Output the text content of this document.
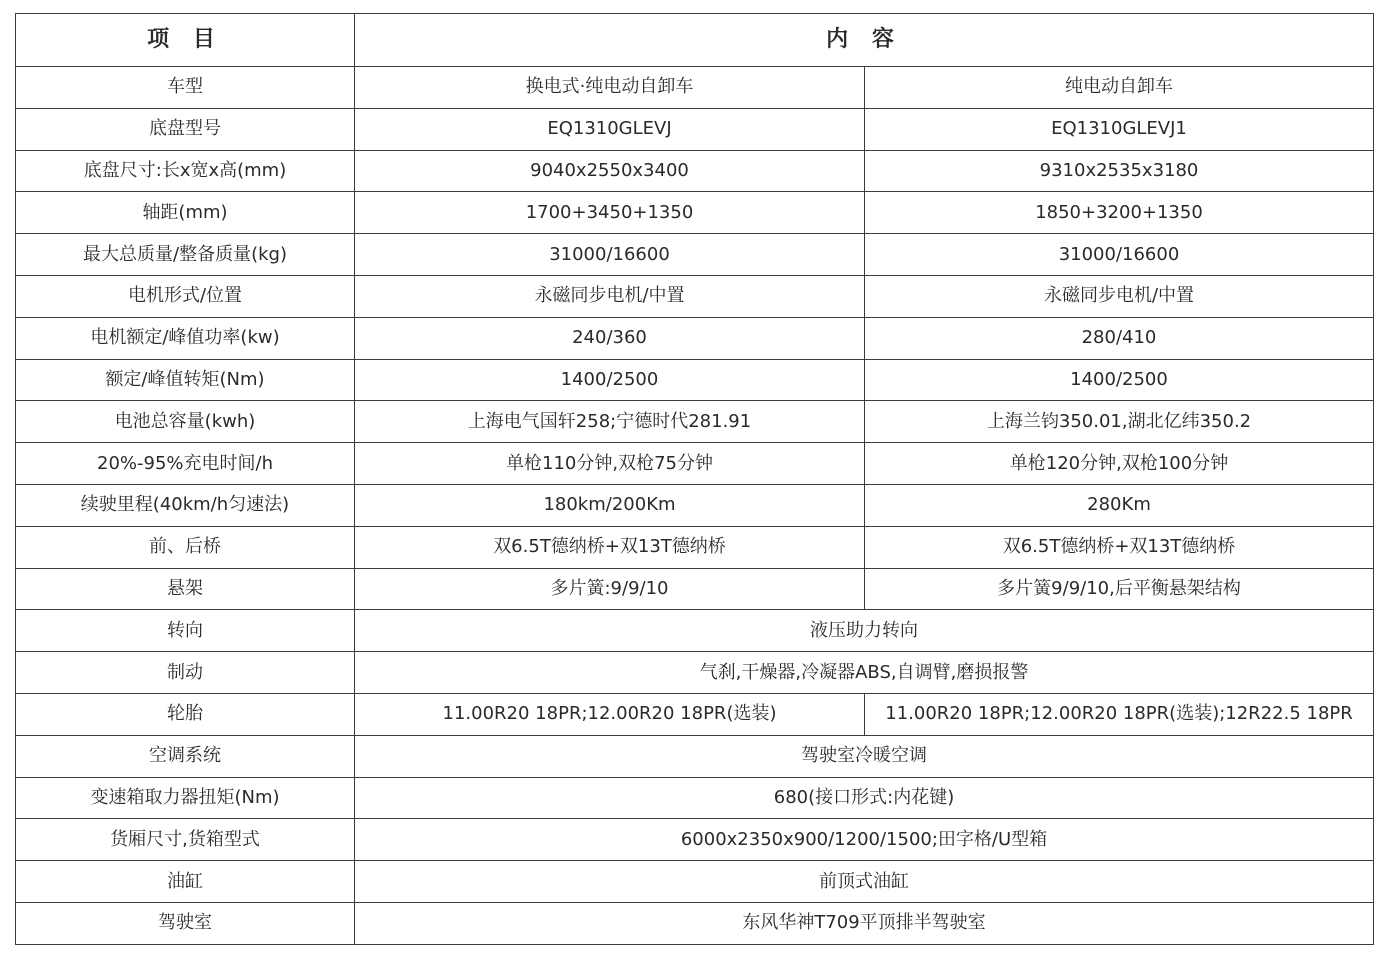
项 目	内 容	
车型	换电式·纯电动自卸车	纯电动自卸车
底盘型号	EQ1310GLEVJ	EQ1310GLEVJ1
底盘尺寸:长x宽x高(mm)	9040x2550x3400	9310x2535x3180
轴距(mm)	1700+3450+1350	1850+3200+1350
最大总质量/整备质量(kg)	31000/16600	31000/16600
电机形式/位置	永磁同步电机/中置	永磁同步电机/中置
电机额定/峰值功率(kw)	240/360	280/410
额定/峰值转矩(Nm)	1400/2500	1400/2500
电池总容量(kwh)	上海电气国轩258;宁德时代281.91	上海兰钧350.01,湖北亿纬350.2
20%-95%充电时间/h	单枪110分钟,双枪75分钟	单枪120分钟,双枪100分钟
续驶里程(40km/h匀速法)	180km/200Km	280Km
前、后桥	双6.5T德纳桥+双13T德纳桥	双6.5T德纳桥+双13T德纳桥
悬架	多片簧:9/9/10	多片簧9/9/10,后平衡悬架结构
转向	液压助力转向	
制动	气刹,干燥器,冷凝器ABS,自调臂,磨损报警	
轮胎	11.00R20 18PR;12.00R20 18PR(选装)	11.00R20 18PR;12.00R20 18PR(选装);12R22.5 18PR
空调系统	驾驶室冷暖空调	
变速箱取力器扭矩(Nm)	680(接口形式:内花键)	
货厢尺寸,货箱型式	6000x2350x900/1200/1500;田字格/U型箱	
油缸	前顶式油缸	
驾驶室	东风华神T709平顶排半驾驶室	
